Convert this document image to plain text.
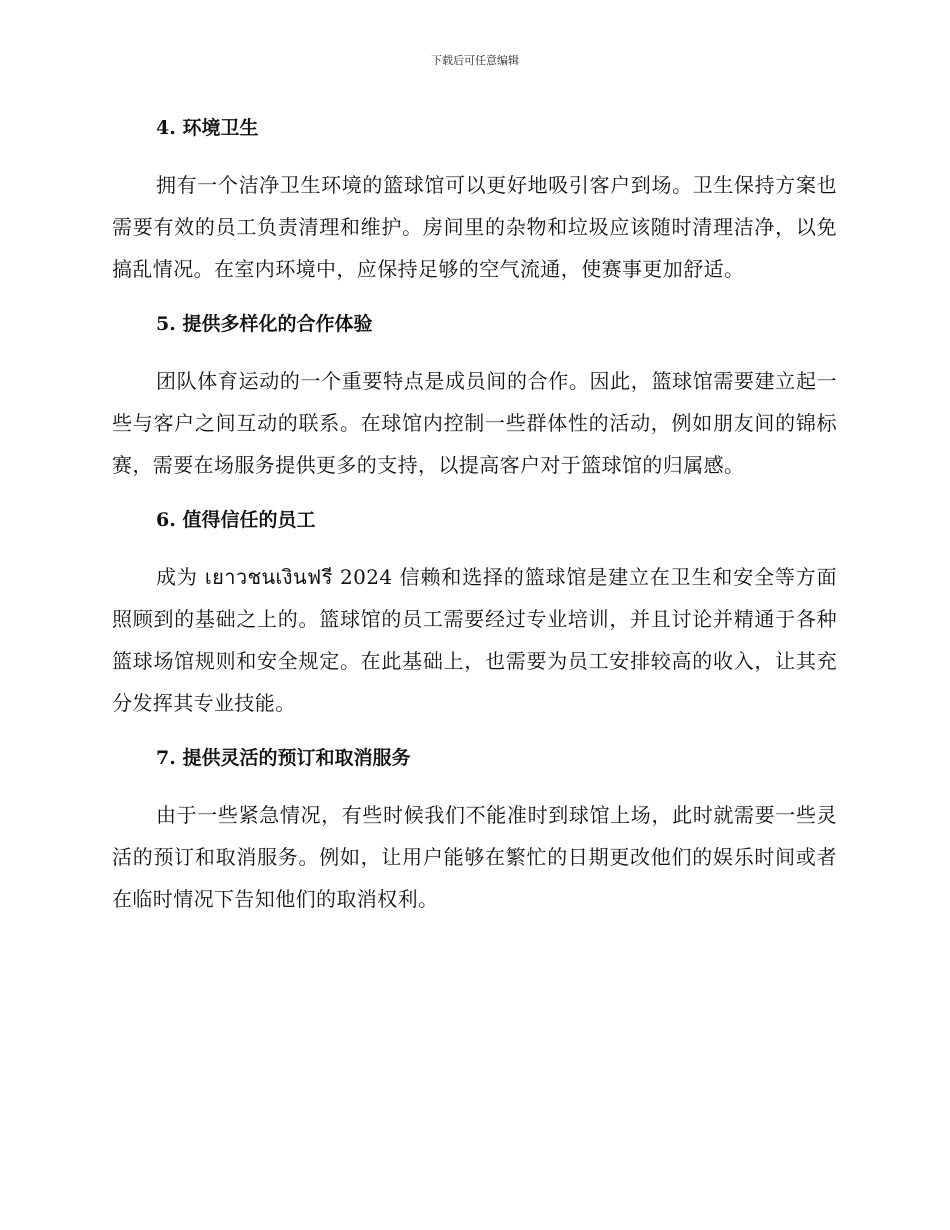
下载后可任意编辑
4. 环境卫生

拥有一个洁净卫生环境的篮球馆可以更好地吸引客户到场。卫生保持方案也需要有效的员工负责清理和维护。房间里的杂物和垃圾应该随时清理洁净，以免搞乱情况。在室内环境中，应保持足够的空气流通，使赛事更加舒适。

5. 提供多样化的合作体验

团队体育运动的一个重要特点是成员间的合作。因此，篮球馆需要建立起一些与客户之间互动的联系。在球馆内控制一些群体性的活动，例如朋友间的锦标赛，需要在场服务提供更多的支持，以提高客户对于篮球馆的归属感。

6. 值得信任的员工

成为 เยาวชนเงินฟรี 2024 信赖和选择的篮球馆是建立在卫生和安全等方面照顾到的基础之上的。篮球馆的员工需要经过专业培训，并且讨论并精通于各种篮球场馆规则和安全规定。在此基础上，也需要为员工安排较高的收入，让其充分发挥其专业技能。

7. 提供灵活的预订和取消服务

由于一些紧急情况，有些时候我们不能准时到球馆上场，此时就需要一些灵活的预订和取消服务。例如，让用户能够在繁忙的日期更改他们的娱乐时间或者在临时情况下告知他们的取消权利。
